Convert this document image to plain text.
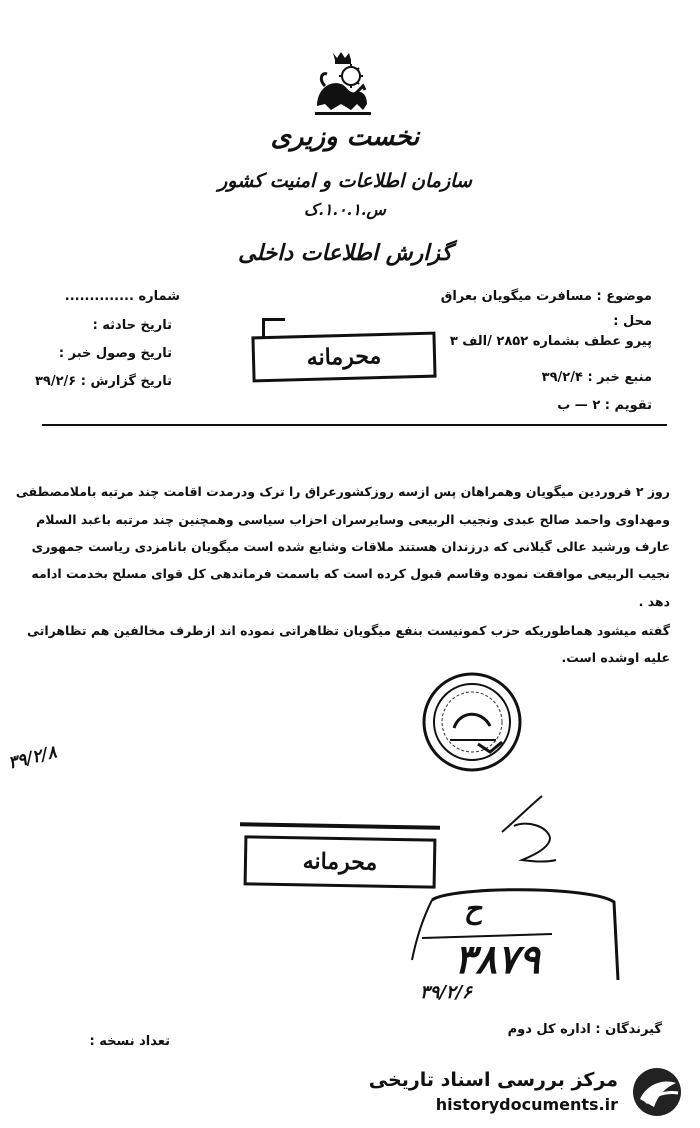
نخست وزیری
سازمان اطلاعات و امنیت کشور
س.۱.۰.۱.ک
گزارش اطلاعات داخلی
شماره ..............
تاریخ حادثه :
تاریخ وصول خبر :
تاریخ گزارش : ۳۹/۲/۶
محرمانه
موضوع : مسافرت میگویان بعراق
محل :
پیرو عطف بشماره ۲۸۵۲ /الف ۳
منبع خبر : ۳۹/۲/۴
تقویم : ۲ — ب
روز ۲ فروردین میگویان وهمراهان پس ازسه روزکشورعراق را ترک ودرمدت اقامت چند مرتبه باملامصطفی
ومهداوی واحمد صالح عبدی ونجیب الربیعی وسایرسران احزاب سیاسی وهمچنین چند مرتبه باعبد السلام
عارف ورشید عالی گیلانی که درزندان هستند ملاقات وشایع شده است میگویان بانامزدی ریاست جمهوری
نجیب الربیعی موافقت نموده وقاسم قبول کرده است که باسمت فرماندهی کل قوای مسلح بخدمت ادامه
دهد .
گفته میشود هماطوریکه حزب کمونیست بنفع میگویان تظاهراتی نموده اند ازطرف مخالفین هم تظاهراتی
علیه اوشده است.
۳۹/۲/۸
محرمانه
ح
۳۸۷۹
۳۹/۲/۶
گیرندگان : اداره کل دوم
تعداد نسخه :
مرکز بررسی اسناد تاریخی
historydocuments.ir
